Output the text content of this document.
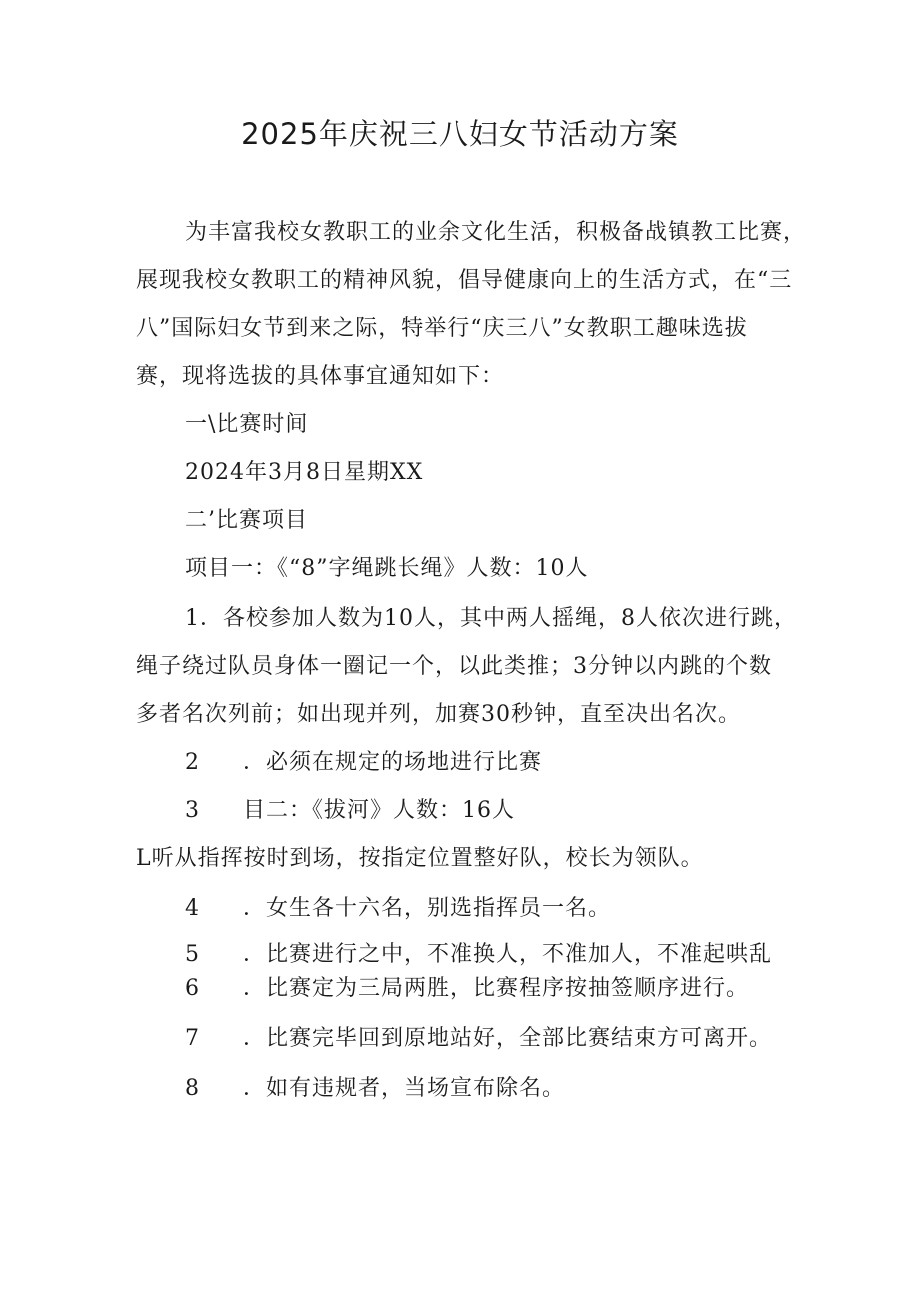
2025年庆祝三八妇女节活动方案
为丰富我校女教职工的业余文化生活，积极备战镇教工比赛，
展现我校女教职工的精神风貌，倡导健康向上的生活方式，在“三
八”国际妇女节到来之际，特举行“庆三八”女教职工趣味选拔
赛，现将选拔的具体事宜通知如下：
一\比赛时间
2024年3月8日星期XX
二’比赛项目
项目一：《“8”字绳跳长绳》人数：10人
1．各校参加人数为10人，其中两人摇绳，8人依次进行跳，
绳子绕过队员身体一圈记一个，以此类推；3分钟以内跳的个数
多者名次列前；如出现并列，加赛30秒钟，直至决出名次。
2 ．必须在规定的场地进行比赛
3 目二：《拔河》人数：16人
L听从指挥按时到场，按指定位置整好队，校长为领队。
4 ．女生各十六名，别选指挥员一名。
5 ．比赛进行之中，不准换人，不准加人，不准起哄乱
6 ．比赛定为三局两胜，比赛程序按抽签顺序进行。
7 ．比赛完毕回到原地站好，全部比赛结束方可离开。
8 ．如有违规者，当场宣布除名。
